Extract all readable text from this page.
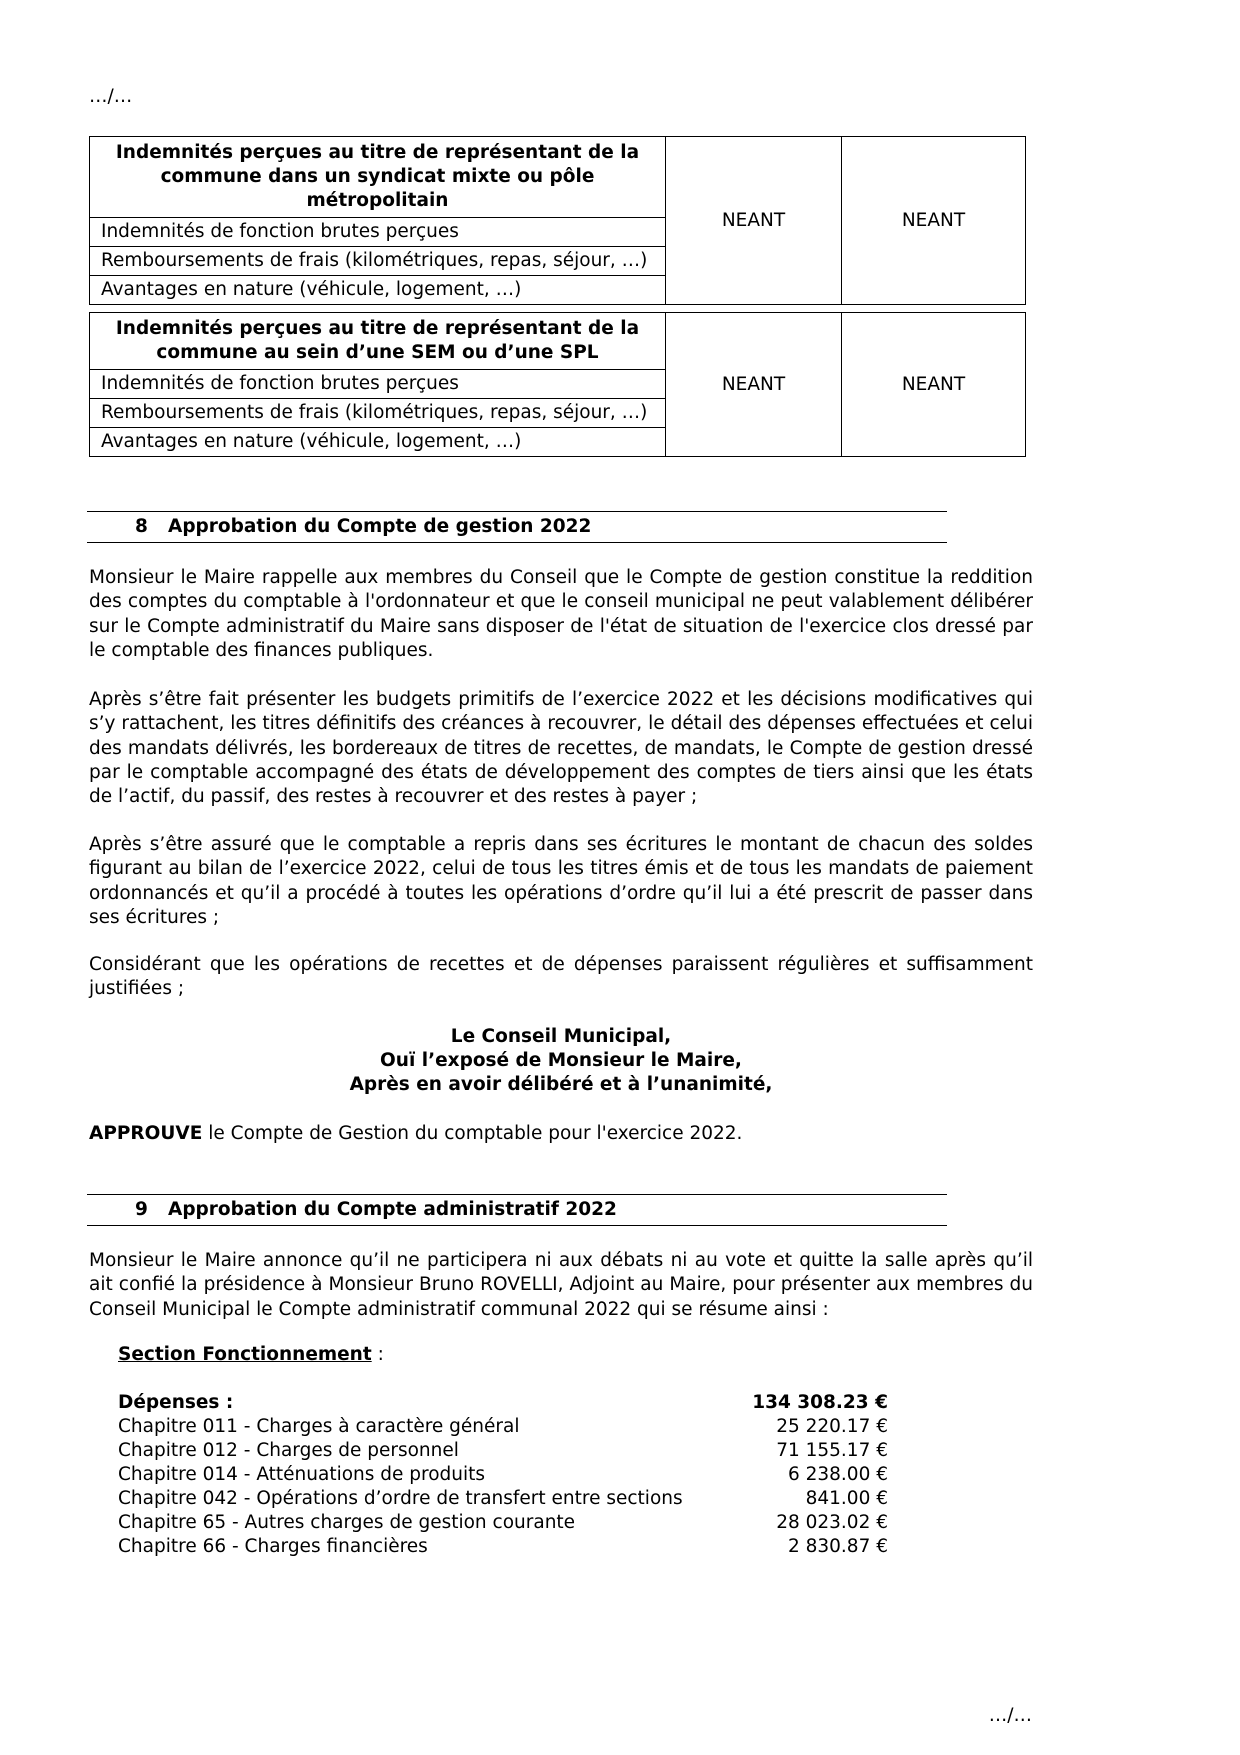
…/…
Indemnités perçues au titre de représentant de la commune dans un syndicat mixte ou pôle métropolitain	NEANT	NEANT
Indemnités de fonction brutes perçues
Remboursements de frais (kilométriques, repas, séjour, …)
Avantages en nature (véhicule, logement, …)
Indemnités perçues au titre de représentant de la commune au sein d’une SEM ou d’une SPL	NEANT	NEANT
Indemnités de fonction brutes perçues
Remboursements de frais (kilométriques, repas, séjour, …)
Avantages en nature (véhicule, logement, …)
8 Approbation du Compte de gestion 2022

Monsieur le Maire rappelle aux membres du Conseil que le Compte de gestion constitue la reddition des comptes du comptable à l'ordonnateur et que le conseil municipal ne peut valablement délibérer sur le Compte administratif du Maire sans disposer de l'état de situation de l'exercice clos dressé par le comptable des finances publiques.

Après s’être fait présenter les budgets primitifs de l’exercice 2022 et les décisions modificatives qui s’y rattachent, les titres définitifs des créances à recouvrer, le détail des dépenses effectuées et celui des mandats délivrés, les bordereaux de titres de recettes, de mandats, le Compte de gestion dressé par le comptable accompagné des états de développement des comptes de tiers ainsi que les états de l’actif, du passif, des restes à recouvrer et des restes à payer ;

Après s’être assuré que le comptable a repris dans ses écritures le montant de chacun des soldes figurant au bilan de l’exercice 2022, celui de tous les titres émis et de tous les mandats de paiement ordonnancés et qu’il a procédé à toutes les opérations d’ordre qu’il lui a été prescrit de passer dans ses écritures ;

Considérant que les opérations de recettes et de dépenses paraissent régulières et suffisamment justifiées ;

Le Conseil Municipal,
Ouï l’exposé de Monsieur le Maire,
Après en avoir délibéré et à l’unanimité,
APPROUVE le Compte de Gestion du comptable pour l'exercice 2022.
9 Approbation du Compte administratif 2022

Monsieur le Maire annonce qu’il ne participera ni aux débats ni au vote et quitte la salle après qu’il ait confié la présidence à Monsieur Bruno ROVELLI, Adjoint au Maire, pour présenter aux membres du Conseil Municipal le Compte administratif communal 2022 qui se résume ainsi :

Section Fonctionnement :
Dépenses :	134 308.23 €
Chapitre 011 - Charges à caractère général	25 220.17 €
Chapitre 012 - Charges de personnel	71 155.17 €
Chapitre 014 - Atténuations de produits	6 238.00 €
Chapitre 042 - Opérations d’ordre de transfert entre sections	841.00 €
Chapitre 65 - Autres charges de gestion courante	28 023.02 €
Chapitre 66 - Charges financières	2 830.87 €
…/…
